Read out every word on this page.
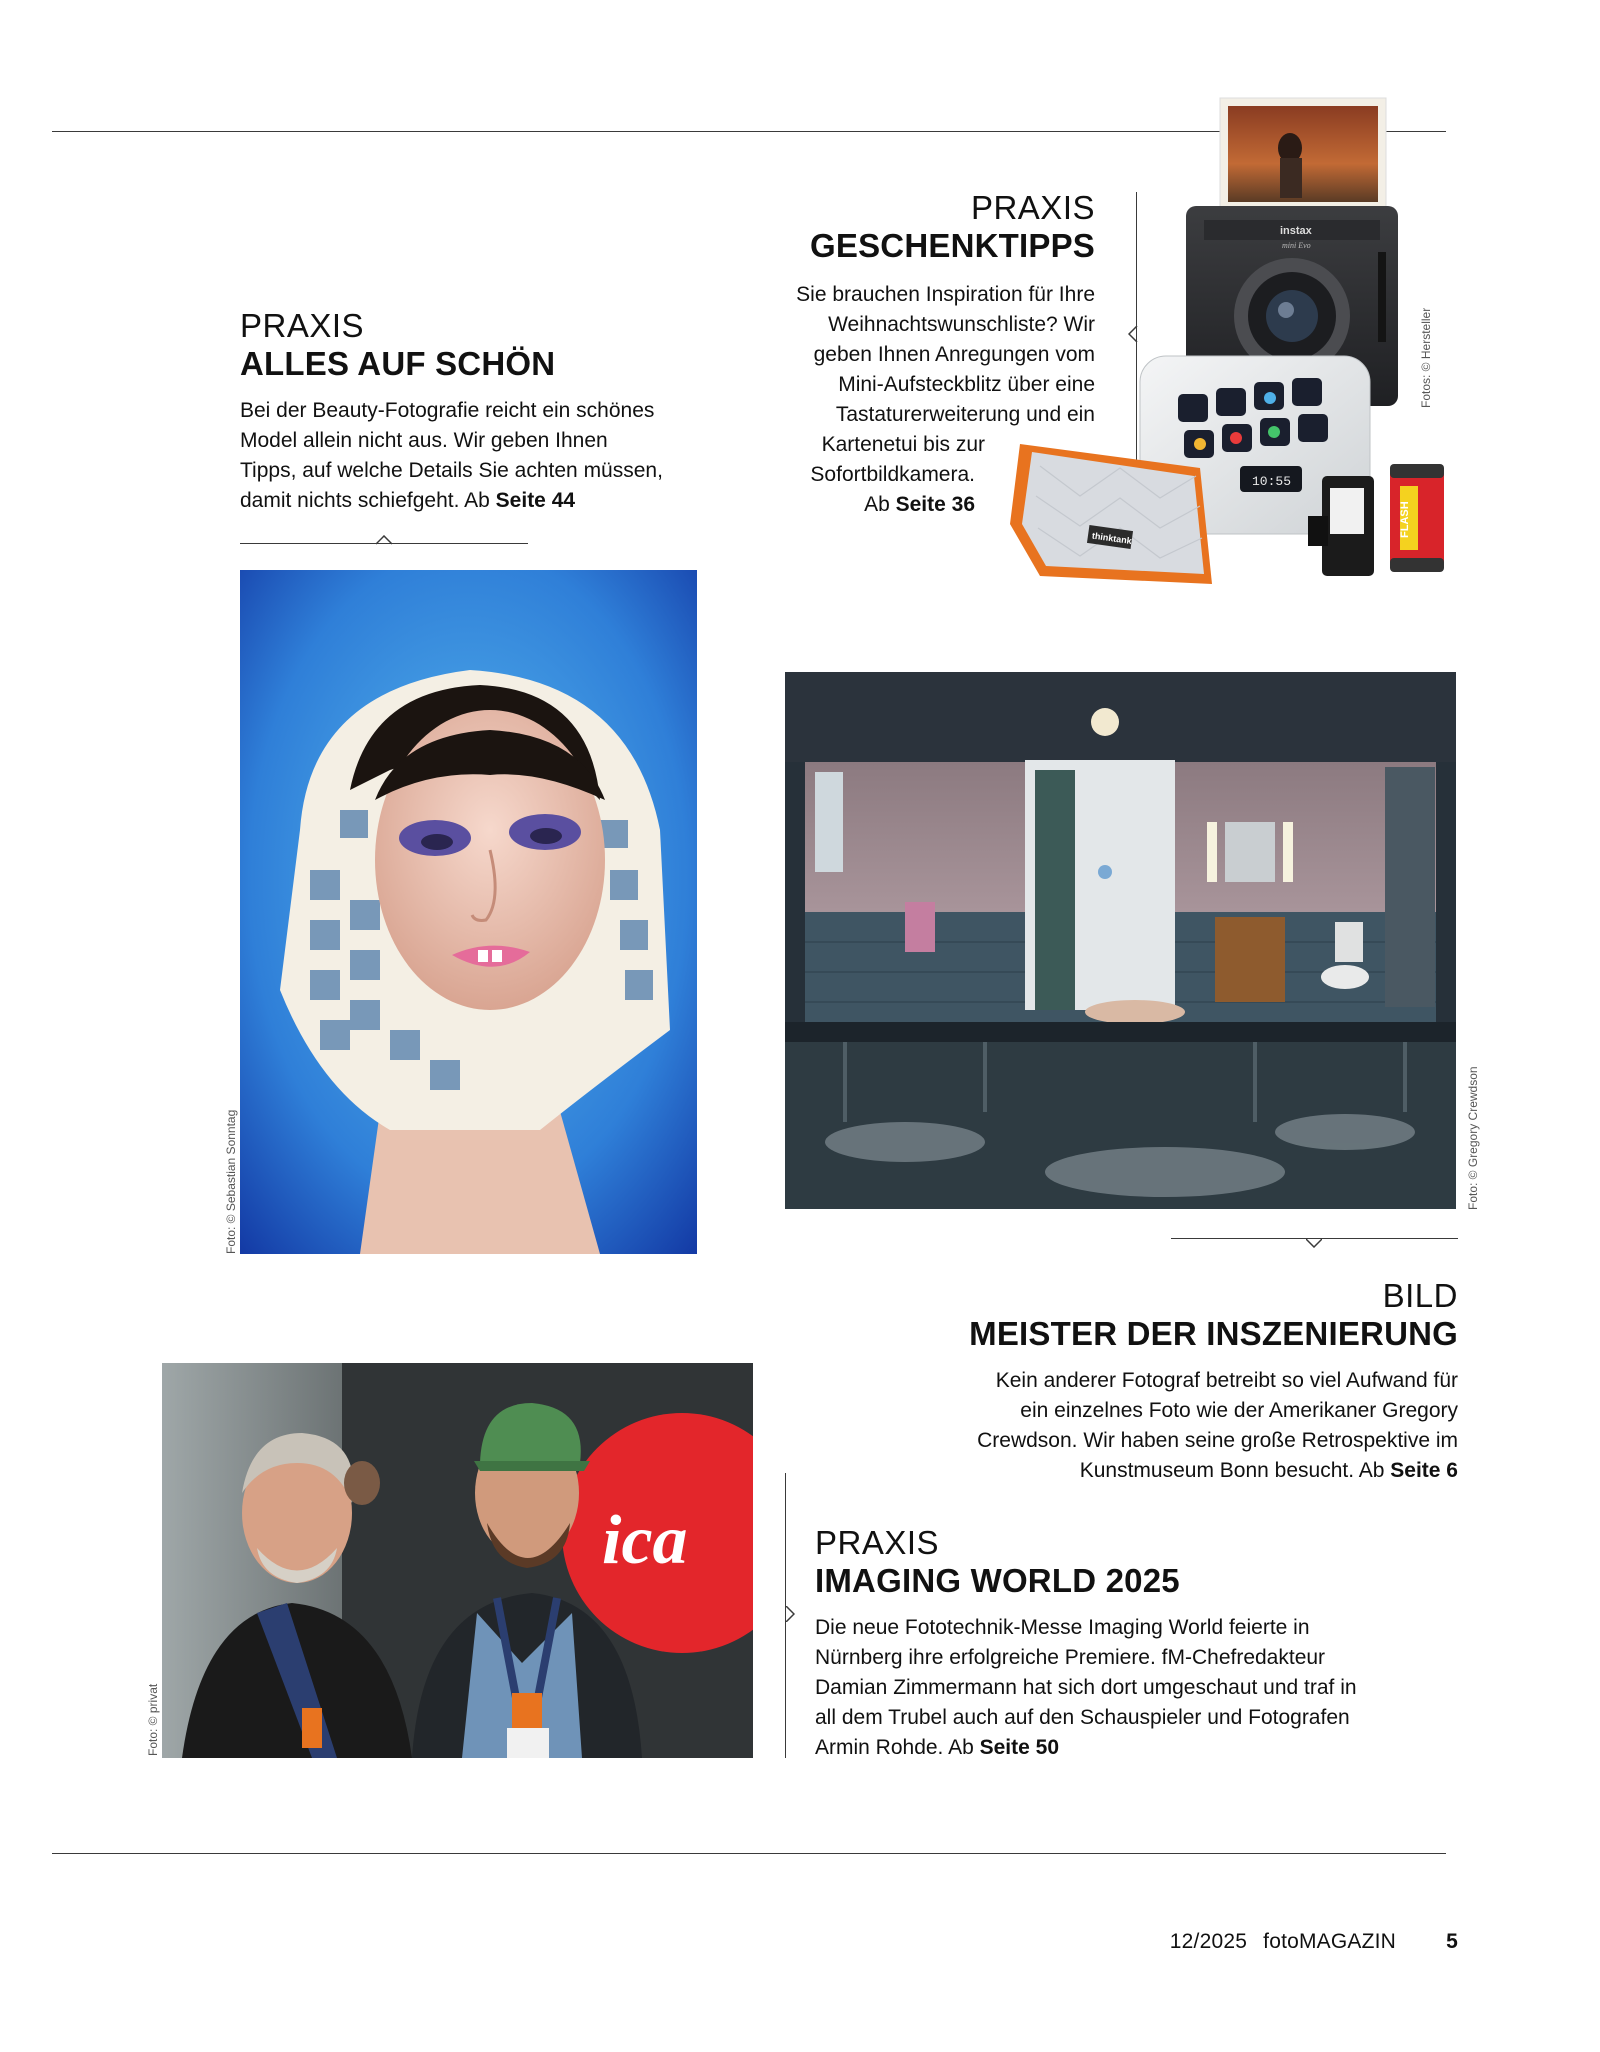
PRAXIS
GESCHENKTIPPS
Sie brauchen Inspiration für Ihre
Weihnachtswunschliste? Wir
geben Ihnen Anregungen vom
Mini-Aufsteckblitz über eine
Tastaturerweiterung und ein
Kartenetui bis zur
Sofortbildkamera.
Ab Seite 36
instax
mini Evo
10:55
thinktank
FLASH
Fotos: © Hersteller
PRAXIS
ALLES AUF SCHÖN
Bei der Beauty-Fotografie reicht ein schönes
Model allein nicht aus. Wir geben Ihnen
Tipps, auf welche Details Sie achten müssen,
damit nichts schiefgeht. Ab Seite 44
Foto: © Sebastian Sonntag	Foto: © Gregory Crewdson
BILD
MEISTER DER INSZENIERUNG
Kein anderer Fotograf betreibt so viel Aufwand für
ein einzelnes Foto wie der Amerikaner Gregory
Crewdson. Wir haben seine große Retrospektive im
Kunstmuseum Bonn besucht. Ab Seite 6
ica
Foto: © privat
PRAXIS
IMAGING WORLD 2025
Die neue Fototechnik-Messe Imaging World feierte in
Nürnberg ihre erfolgreiche Premiere. fM-Chefredakteur
Damian Zimmermann hat sich dort umgeschaut und traf in
all dem Trubel auch auf den Schauspieler und Fotografen
Armin Rohde. Ab Seite 50
12/2025 fotoMAGAZIN 5
